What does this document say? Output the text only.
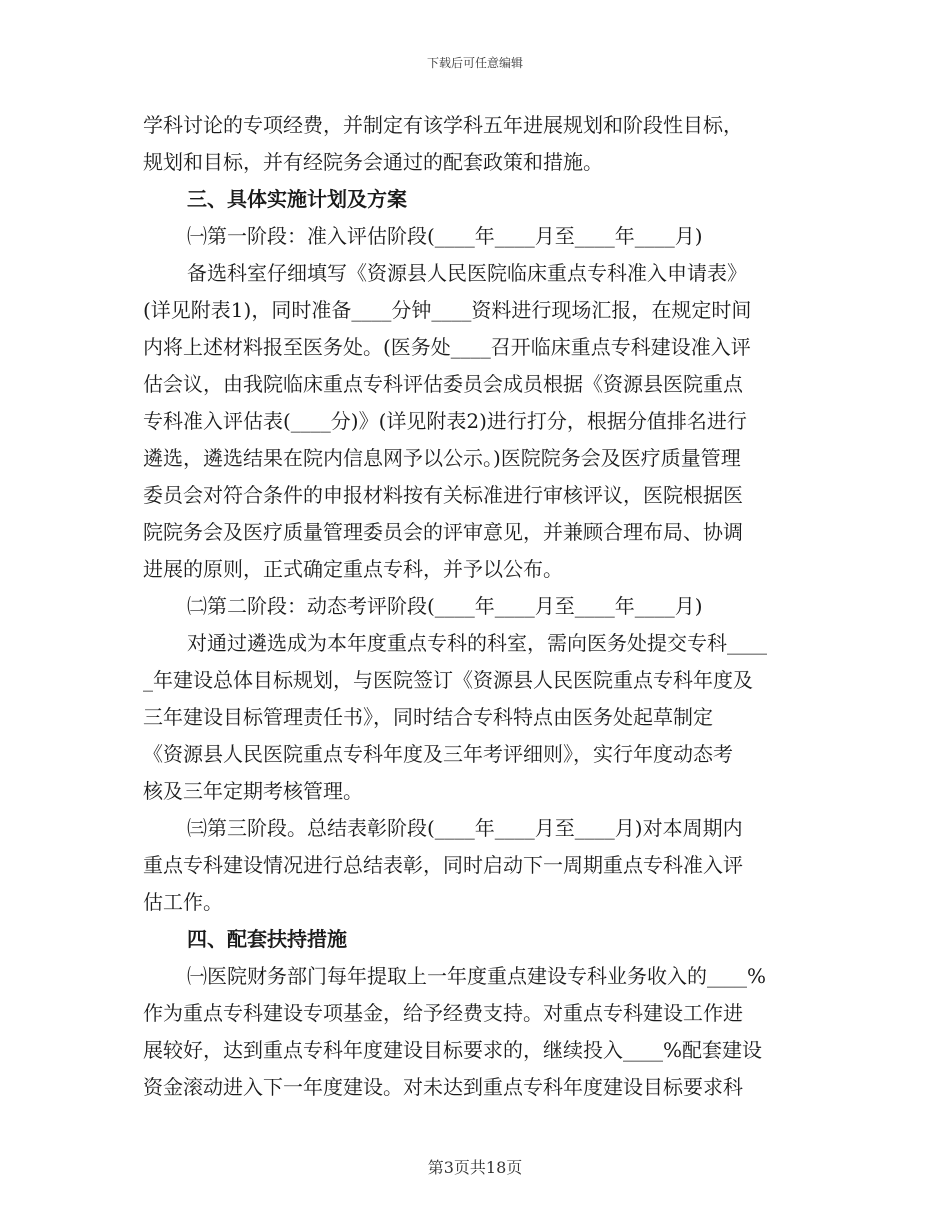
下载后可任意编辑
学科讨论的专项经费，并制定有该学科五年进展规划和阶段性目标，
规划和目标，并有经院务会通过的配套政策和措施。
三、具体实施计划及方案
㈠第一阶段：准入评估阶段(____年____月至____年____月)
备选科室仔细填写《资源县人民医院临床重点专科准入申请表》
(详见附表1)，同时准备____分钟____资料进行现场汇报，在规定时间
内将上述材料报至医务处。(医务处____召开临床重点专科建设准入评
估会议，由我院临床重点专科评估委员会成员根据《资源县医院重点
专科准入评估表(____分)》(详见附表2)进行打分，根据分值排名进行
遴选，遴选结果在院内信息网予以公示。)医院院务会及医疗质量管理
委员会对符合条件的申报材料按有关标准进行审核评议，医院根据医
院院务会及医疗质量管理委员会的评审意见，并兼顾合理布局、协调
进展的原则，正式确定重点专科，并予以公布。
㈡第二阶段：动态考评阶段(____年____月至____年____月)
对通过遴选成为本年度重点专科的科室，需向医务处提交专科____
_年建设总体目标规划，与医院签订《资源县人民医院重点专科年度及
三年建设目标管理责任书》，同时结合专科特点由医务处起草制定
《资源县人民医院重点专科年度及三年考评细则》，实行年度动态考
核及三年定期考核管理。
㈢第三阶段。总结表彰阶段(____年____月至____月)对本周期内
重点专科建设情况进行总结表彰，同时启动下一周期重点专科准入评
估工作。
四、配套扶持措施
㈠医院财务部门每年提取上一年度重点建设专科业务收入的____%
作为重点专科建设专项基金，给予经费支持。对重点专科建设工作进
展较好，达到重点专科年度建设目标要求的，继续投入____%配套建设
资金滚动进入下一年度建设。对未达到重点专科年度建设目标要求科
第3页共18页
